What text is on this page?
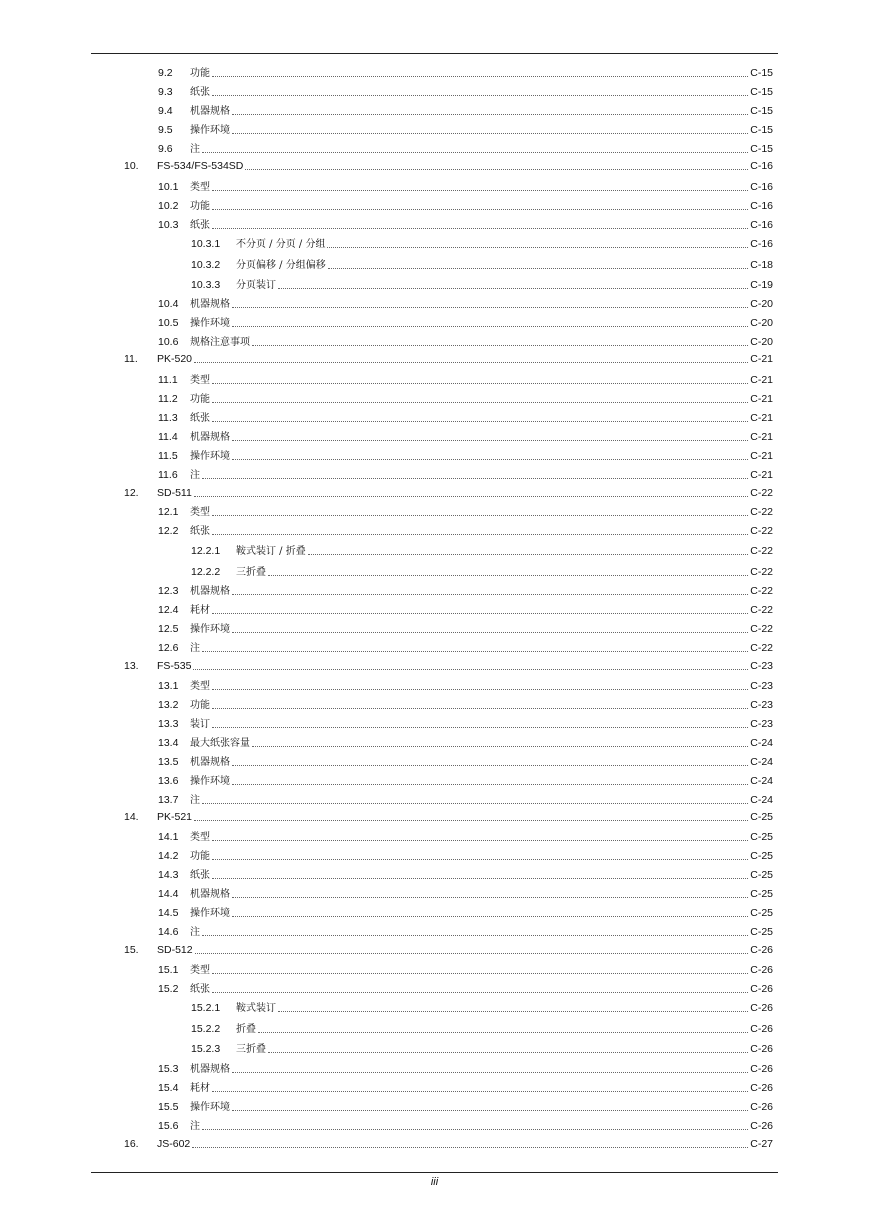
9.2	功能	C-15
9.3	纸张	C-15
9.4	机器规格	C-15
9.5	操作环境	C-15
9.6	注	C-15
10.	FS-534/FS-534SD	C-16
10.1	类型	C-16
10.2	功能	C-16
10.3	纸张	C-16
10.3.1	不分页 / 分页 / 分组	C-16
10.3.2	分页偏移 / 分组偏移	C-18
10.3.3	分页装订	C-19
10.4	机器规格	C-20
10.5	操作环境	C-20
10.6	规格注意事项	C-20
11.	PK-520	C-21
11.1	类型	C-21
11.2	功能	C-21
11.3	纸张	C-21
11.4	机器规格	C-21
11.5	操作环境	C-21
11.6	注	C-21
12.	SD-511	C-22
12.1	类型	C-22
12.2	纸张	C-22
12.2.1	鞍式装订 / 折叠	C-22
12.2.2	三折叠	C-22
12.3	机器规格	C-22
12.4	耗材	C-22
12.5	操作环境	C-22
12.6	注	C-22
13.	FS-535	C-23
13.1	类型	C-23
13.2	功能	C-23
13.3	装订	C-23
13.4	最大纸张容量	C-24
13.5	机器规格	C-24
13.6	操作环境	C-24
13.7	注	C-24
14.	PK-521	C-25
14.1	类型	C-25
14.2	功能	C-25
14.3	纸张	C-25
14.4	机器规格	C-25
14.5	操作环境	C-25
14.6	注	C-25
15.	SD-512	C-26
15.1	类型	C-26
15.2	纸张	C-26
15.2.1	鞍式装订	C-26
15.2.2	折叠	C-26
15.2.3	三折叠	C-26
15.3	机器规格	C-26
15.4	耗材	C-26
15.5	操作环境	C-26
15.6	注	C-26
16.	JS-602	C-27
iii
